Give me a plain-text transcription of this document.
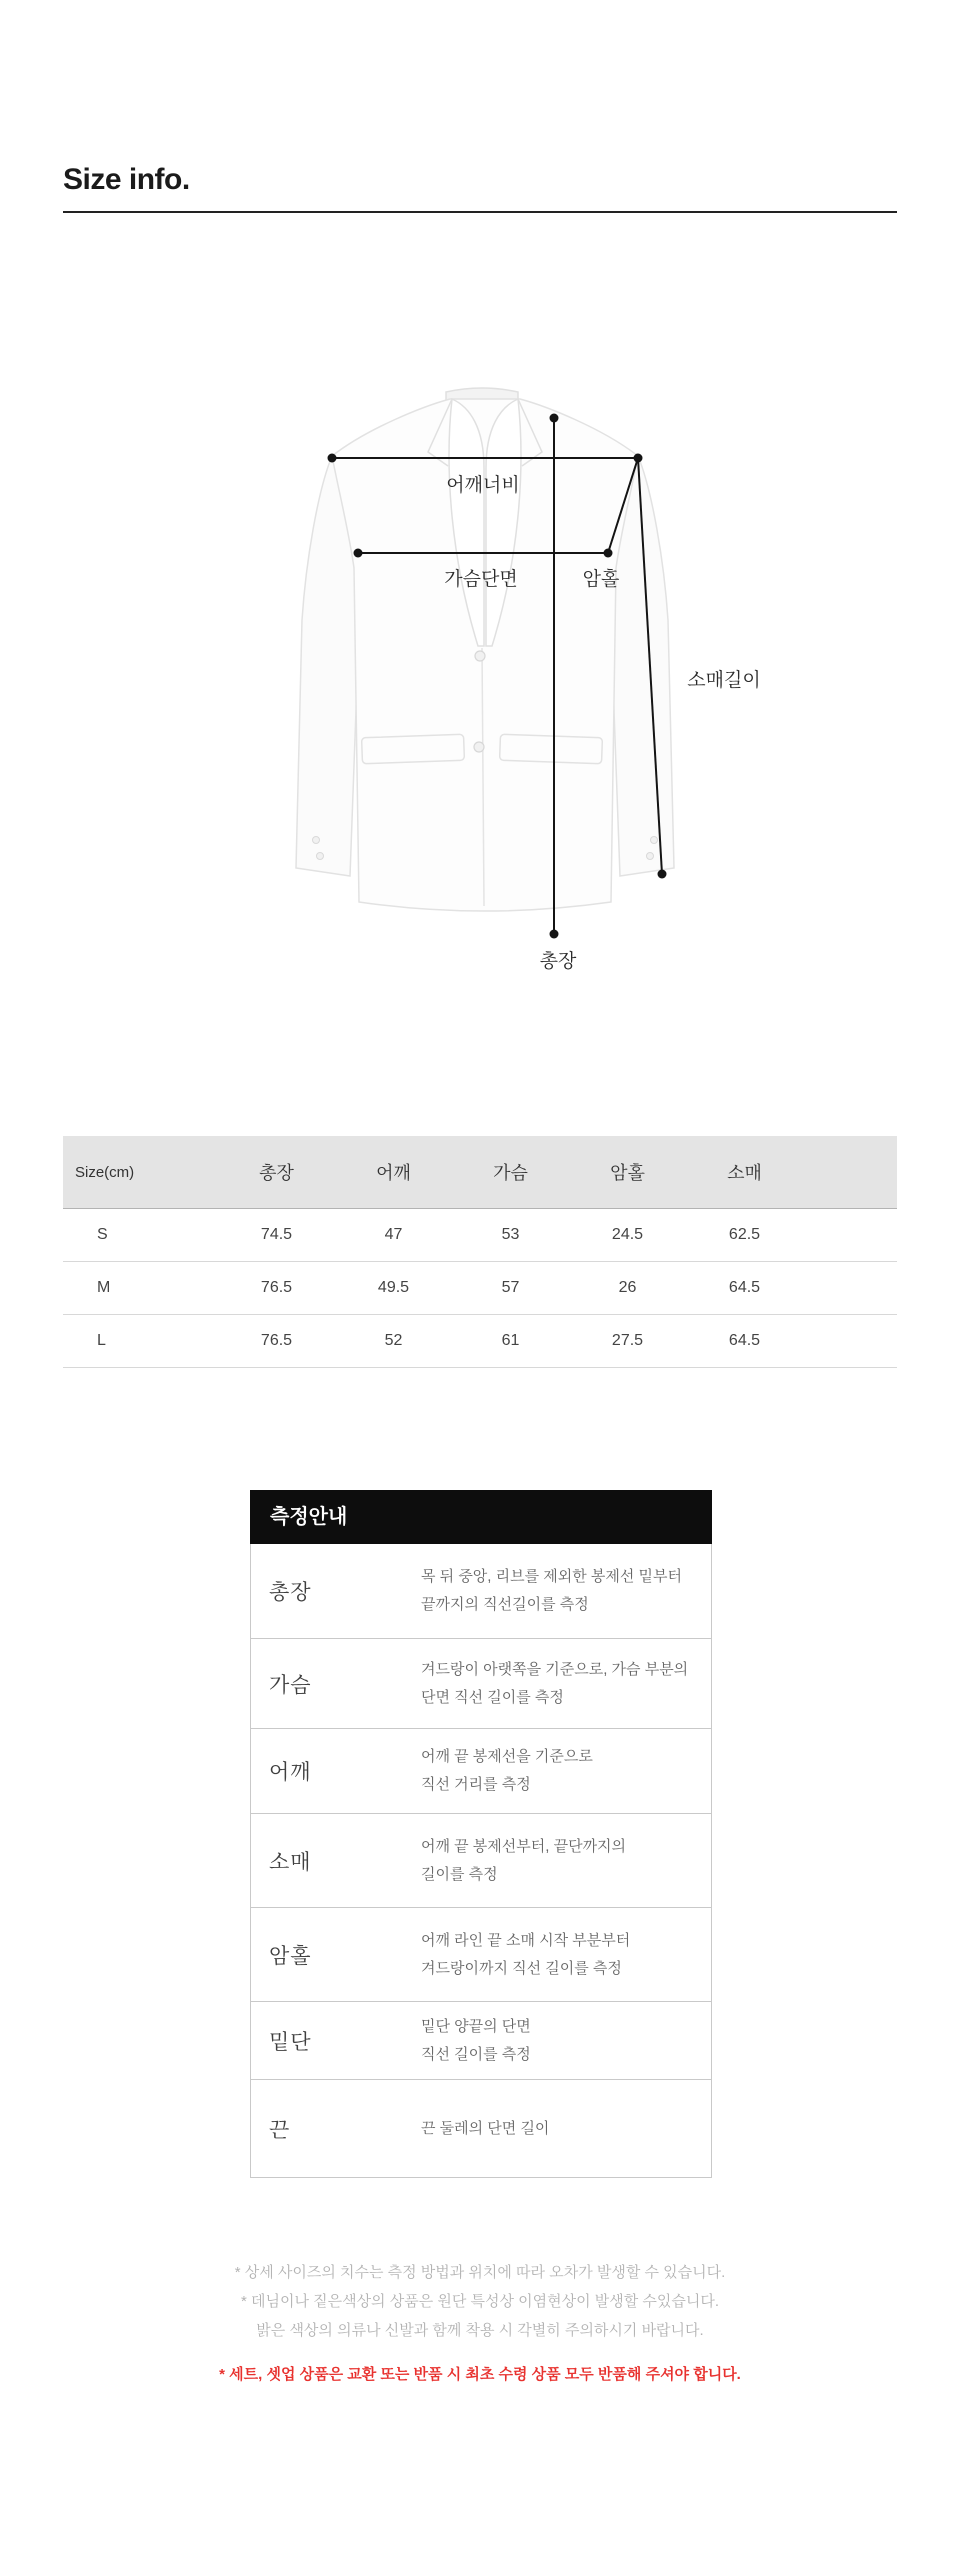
Size info.
어깨너비
가슴단면	암홀
소매길이
총장
Size(cm)	총장	어깨	가슴	암홀	소매	
S	74.5	47	53	24.5	62.5	
M	76.5	49.5	57	26	64.5	
L	76.5	52	61	27.5	64.5	
측정안내
총장
목 뒤 중앙, 리브를 제외한 봉제선 밑부터
끝까지의 직선길이를 측정
가슴
겨드랑이 아랫쪽을 기준으로, 가슴 부분의
단면 직선 길이를 측정
어깨
어깨 끝 봉제선을 기준으로
직선 거리를 측정
소매
어깨 끝 봉제선부터, 끝단까지의
길이를 측정
암홀
어깨 라인 끝 소매 시작 부분부터
겨드랑이까지 직선 길이를 측정
밑단
밑단 양끝의 단면
직선 길이를 측정
끈	끈 둘레의 단면 길이
* 상세 사이즈의 치수는 측정 방법과 위치에 따라 오차가 발생할 수 있습니다.
* 데님이나 짙은색상의 상품은 원단 특성상 이염현상이 발생할 수있습니다.
밝은 색상의 의류나 신발과 함께 착용 시 각별히 주의하시기 바랍니다.
* 세트, 셋업 상품은 교환 또는 반품 시 최초 수령 상품 모두 반품해 주셔야 합니다.
